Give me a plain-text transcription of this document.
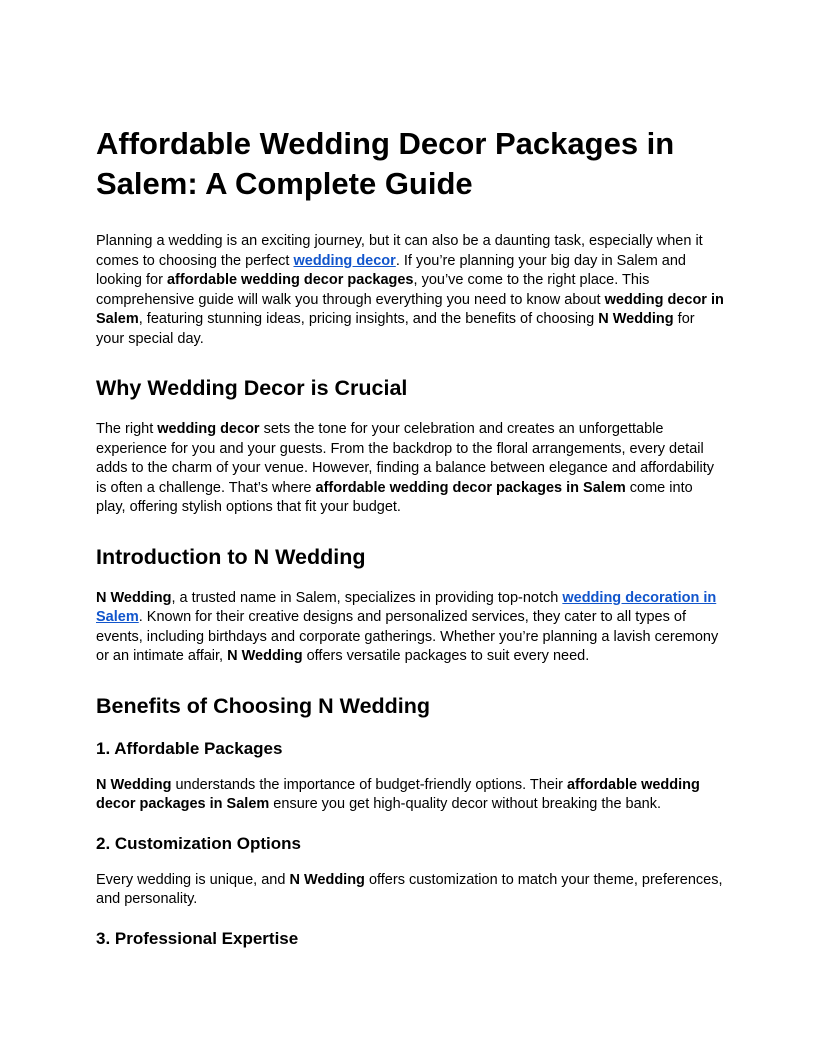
Affordable Wedding Decor Packages in Salem: A Complete Guide

Planning a wedding is an exciting journey, but it can also be a daunting task, especially when it comes to choosing the perfect wedding decor. If you’re planning your big day in Salem and looking for affordable wedding decor packages, you’ve come to the right place. This comprehensive guide will walk you through everything you need to know about wedding decor in Salem, featuring stunning ideas, pricing insights, and the benefits of choosing N Wedding for your special day.

Why Wedding Decor is Crucial

The right wedding decor sets the tone for your celebration and creates an unforgettable experience for you and your guests. From the backdrop to the floral arrangements, every detail adds to the charm of your venue. However, finding a balance between elegance and affordability is often a challenge. That’s where affordable wedding decor packages in Salem come into play, offering stylish options that fit your budget.

Introduction to N Wedding

N Wedding, a trusted name in Salem, specializes in providing top-notch wedding decoration in Salem. Known for their creative designs and personalized services, they cater to all types of events, including birthdays and corporate gatherings. Whether you’re planning a lavish ceremony or an intimate affair, N Wedding offers versatile packages to suit every need.

Benefits of Choosing N Wedding
1. Affordable Packages

N Wedding understands the importance of budget-friendly options. Their affordable wedding decor packages in Salem ensure you get high-quality decor without breaking the bank.

2. Customization Options

Every wedding is unique, and N Wedding offers customization to match your theme, preferences, and personality.

3. Professional Expertise
